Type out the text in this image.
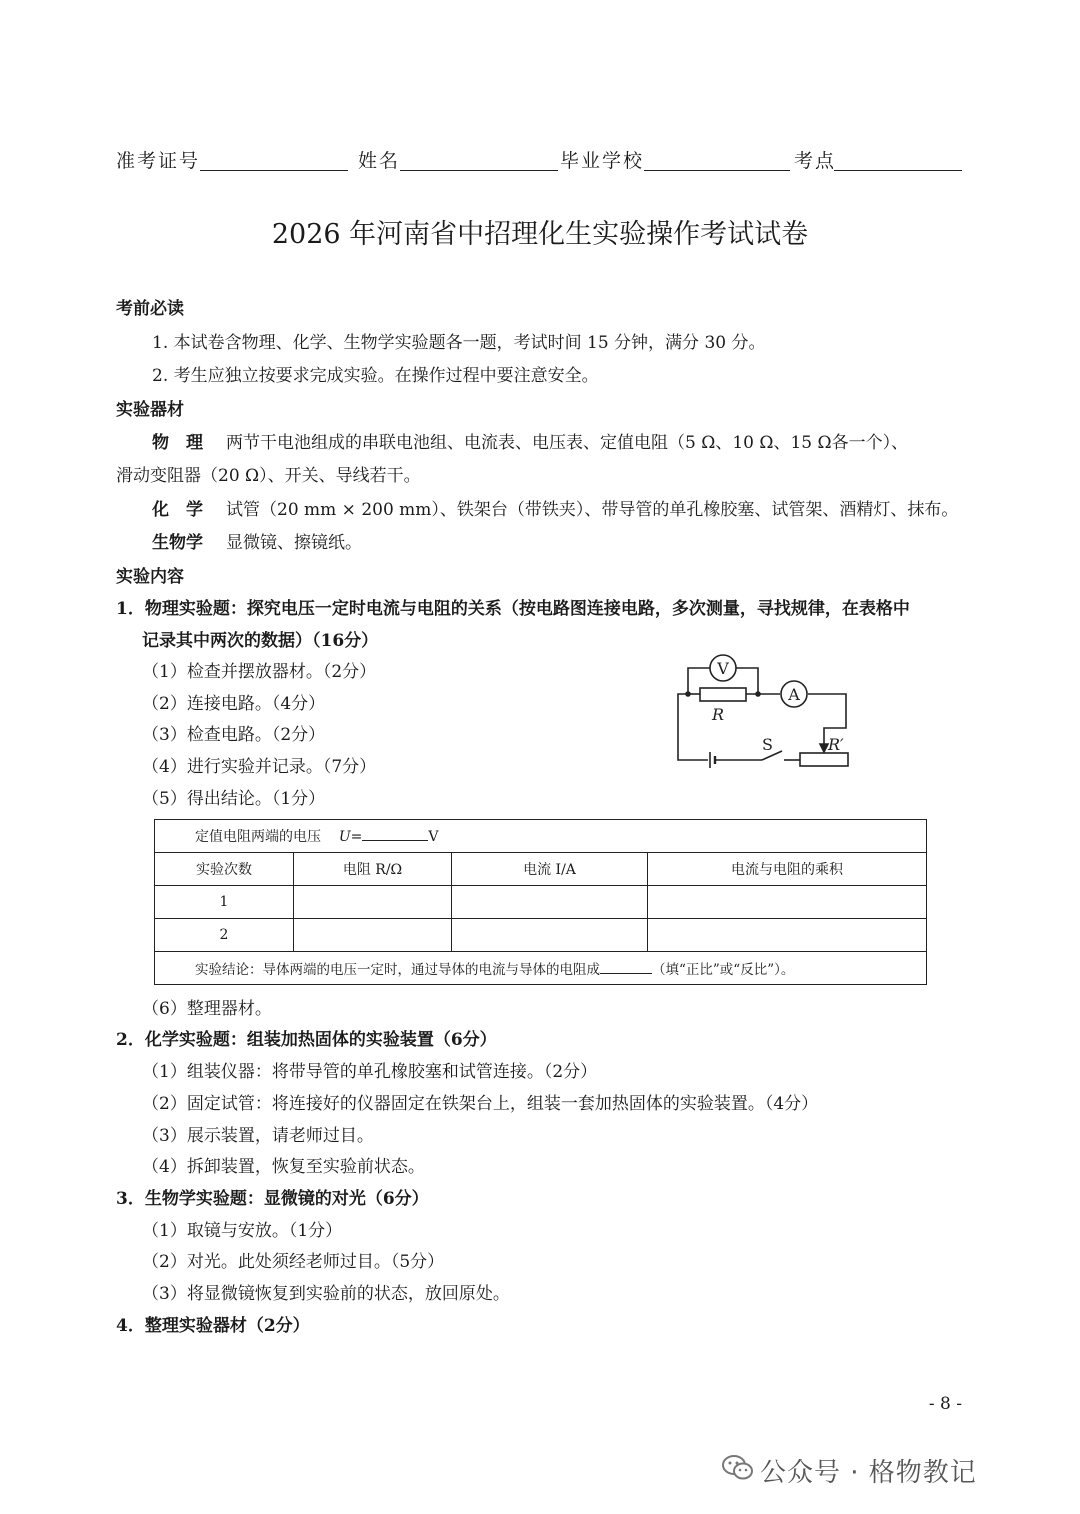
准考证号	姓名	毕业学校	考点
2026 年河南省中招理化生实验操作考试试卷
考前必读
1. 本试卷含物理、化学、生物学实验题各一题，考试时间 15 分钟，满分 30 分。
2. 考生应独立按要求完成实验。在操作过程中要注意安全。
实验器材
物　理 两节干电池组成的串联电池组、电流表、电压表、定值电阻（5 Ω、10 Ω、15 Ω各一个）、
滑动变阻器（20 Ω）、开关、导线若干。
化　学 试管（20 mm × 200 mm）、铁架台（带铁夹）、带导管的单孔橡胶塞、试管架、酒精灯、抹布。
生物学 显微镜、擦镜纸。
实验内容
1．物理实验题：探究电压一定时电流与电阻的关系（按电路图连接电路，多次测量，寻找规律，在表格中
记录其中两次的数据）（16分）
（1）检查并摆放器材。（2分）
（2）连接电路。（4分）
（3）检查电路。（2分）
（4）进行实验并记录。（7分）
（5）得出结论。（1分）
V
A
R
R′
S
定值电阻两端的电压 U= V			
实验次数	电阻 R/Ω	电流 I/A	电流与电阻的乘积
1			
2			
实验结论：导体两端的电压一定时，通过导体的电流与导体的电阻成 （填“正比”或“反比”）。			
（6）整理器材。
2．化学实验题：组装加热固体的实验装置（6分）
（1）组装仪器：将带导管的单孔橡胶塞和试管连接。（2分）
（2）固定试管：将连接好的仪器固定在铁架台上，组装一套加热固体的实验装置。（4分）
（3）展示装置，请老师过目。
（4）拆卸装置，恢复至实验前状态。
3．生物学实验题：显微镜的对光（6分）
（1）取镜与安放。（1分）
（2）对光。此处须经老师过目。（5分）
（3）将显微镜恢复到实验前的状态，放回原处。
4．整理实验器材（2分）
- 8 -
公众号 · 格物教记
